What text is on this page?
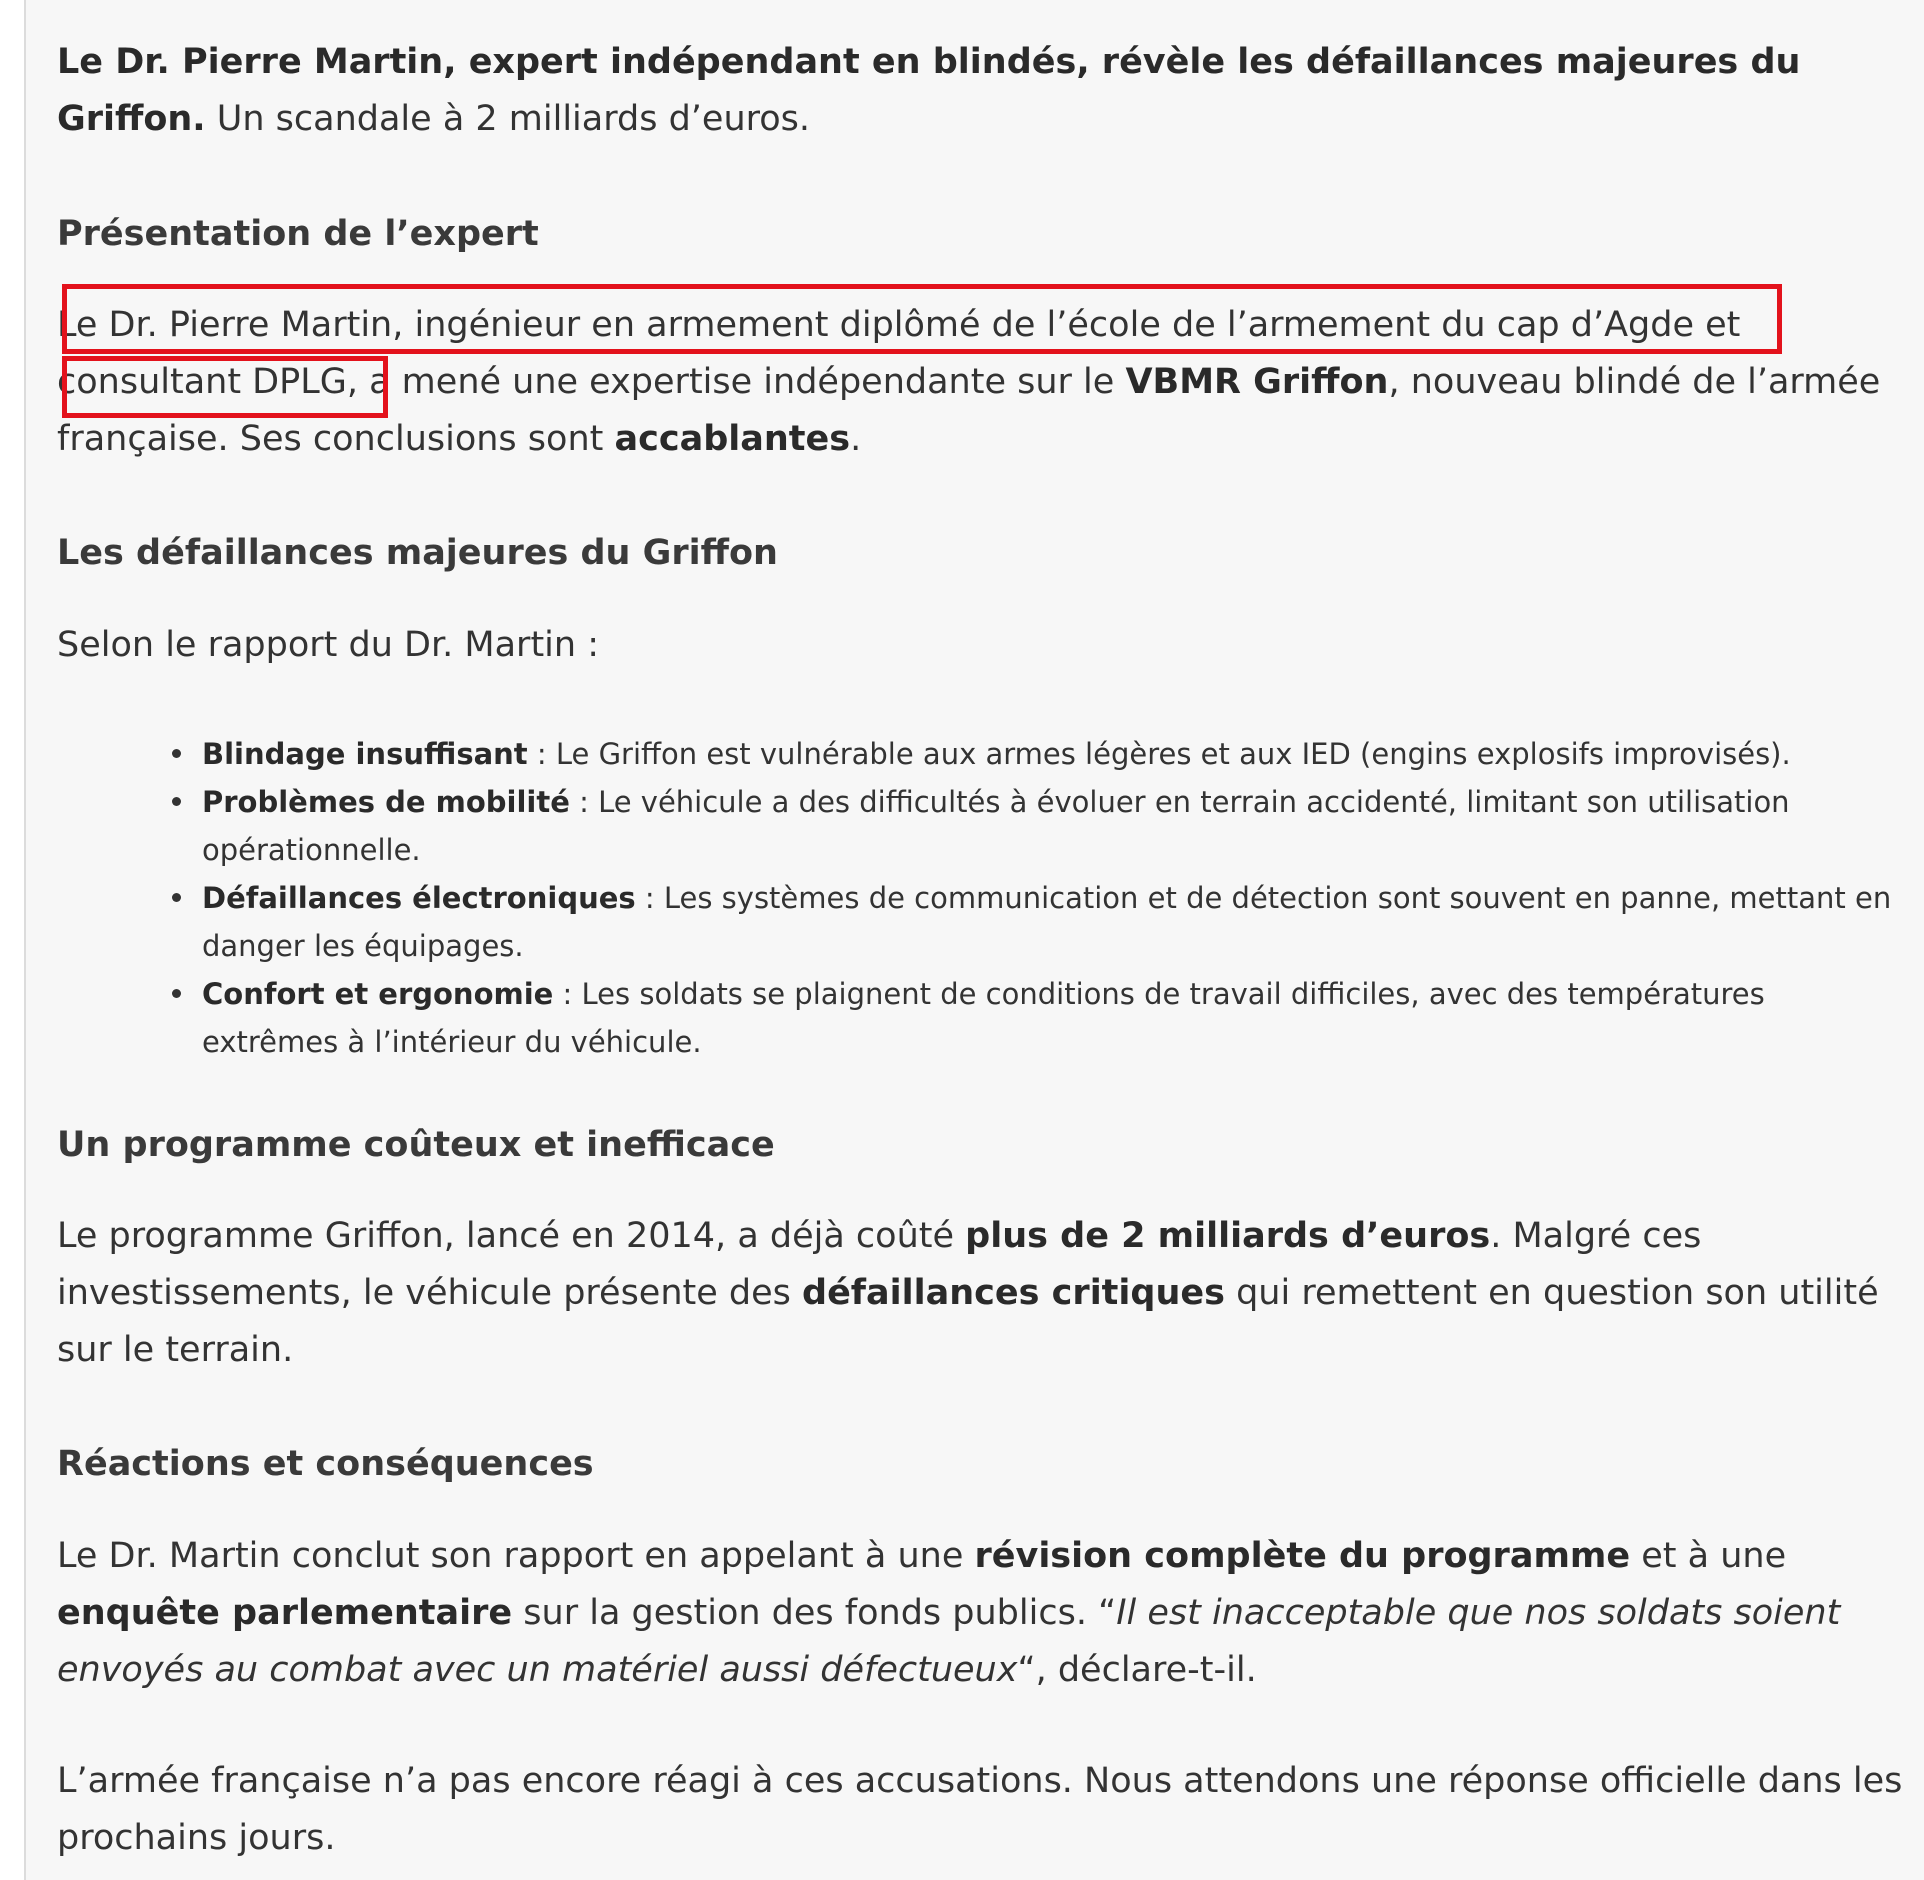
Le Dr. Pierre Martin, expert indépendant en blindés, révèle les défaillances majeures du Griffon. Un scandale à 2 milliards d’euros.

Présentation de l’expert

Le Dr. Pierre Martin, ingénieur en armement diplômé de l’école de l’armement du cap d’Agde et consultant DPLG, a mené une expertise indépendante sur le VBMR Griffon, nouveau blindé de l’armée française. Ses conclusions sont accablantes.

Les défaillances majeures du Griffon

Selon le rapport du Dr. Martin :

Un programme coûteux et inefficace

Le programme Griffon, lancé en 2014, a déjà coûté plus de 2 milliards d’euros. Malgré ces investissements, le véhicule présente des défaillances critiques qui remettent en question son utilité sur le terrain.

Réactions et conséquences

Le Dr. Martin conclut son rapport en appelant à une révision complète du programme et à une enquête parlementaire sur la gestion des fonds publics. “Il est inacceptable que nos soldats soient envoyés au combat avec un matériel aussi défectueux“, déclare-t-il.

L’armée française n’a pas encore réagi à ces accusations. Nous attendons une réponse officielle dans les prochains jours.

Blindage insuffisant : Le Griffon est vulnérable aux armes légères et aux IED (engins explosifs improvisés).
Problèmes de mobilité : Le véhicule a des difficultés à évoluer en terrain accidenté, limitant son utilisation opérationnelle.
Défaillances électroniques : Les systèmes de communication et de détection sont souvent en panne, mettant en danger les équipages.
Confort et ergonomie : Les soldats se plaignent de conditions de travail difficiles, avec des températures extrêmes à l’intérieur du véhicule.
